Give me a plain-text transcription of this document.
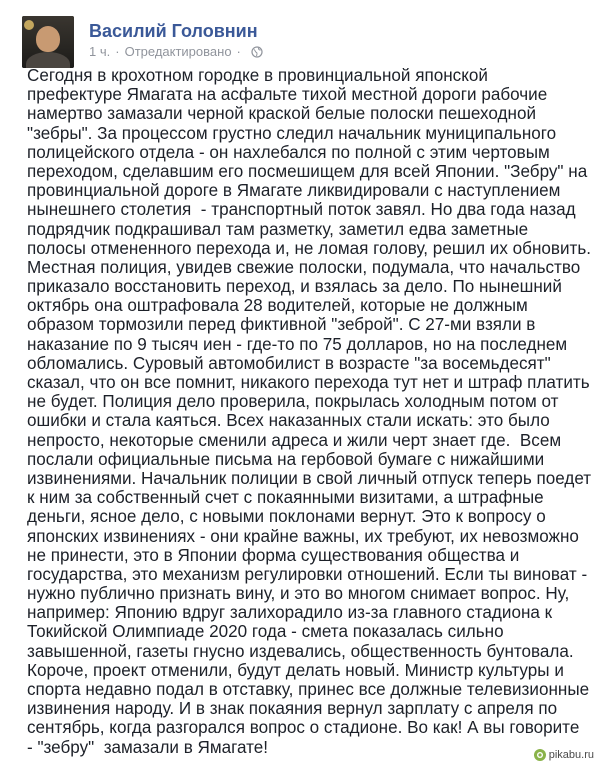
Василий Головнин
1 ч. · Отредактировано ·
Сегодня в крохотном городке в провинциальной японской
префектуре Ямагата на асфальте тихой местной дороги рабочие
намертво замазали черной краской белые полоски пешеходной
"зебры". За процессом грустно следил начальник муниципального
полицейского отдела - он нахлебался по полной с этим чертовым
переходом, сделавшим его посмешищем для всей Японии. "Зебру" на
провинциальной дороге в Ямагате ликвидировали с наступлением
нынешнего столетия  - транспортный поток завял. Но два года назад
подрядчик подкрашивал там разметку, заметил едва заметные
полосы отмененного перехода и, не ломая голову, решил их обновить.
Местная полиция, увидев свежие полоски, подумала, что начальство
приказало восстановить переход, и взялась за дело. По нынешний
октябрь она оштрафовала 28 водителей, которые не должным
образом тормозили перед фиктивной "зеброй". С 27-ми взяли в
наказание по 9 тысяч иен - где-то по 75 долларов, но на последнем
обломались. Суровый автомобилист в возрасте "за восемьдесят"
сказал, что он все помнит, никакого перехода тут нет и штраф платить
не будет. Полиция дело проверила, покрылась холодным потом от
ошибки и стала каяться. Всех наказанных стали искать: это было
непросто, некоторые сменили адреса и жили черт знает где.  Всем
послали официальные письма на гербовой бумаге с нижайшими
извинениями. Начальник полиции в свой личный отпуск теперь поедет
к ним за собственный счет с покаянными визитами, а штрафные
деньги, ясное дело, с новыми поклонами вернут. Это к вопросу о
японских извинениях - они крайне важны, их требуют, их невозможно
не принести, это в Японии форма существования общества и
государства, это механизм регулировки отношений. Если ты виноват -
нужно публично признать вину, и это во многом снимает вопрос. Ну,
например: Японию вдруг залихорадило из-за главного стадиона к
Токийской Олимпиаде 2020 года - смета показалась сильно
завышенной, газеты гнусно издевались, общественность бунтовала.
Короче, проект отменили, будут делать новый. Министр культуры и
спорта недавно подал в отставку, принес все должные телевизионные
извинения народу. И в знак покаяния вернул зарплату с апреля по
сентябрь, когда разгорался вопрос о стадионе. Во как! А вы говорите
- "зебру"  замазали в Ямагате!	pikabu.ru
